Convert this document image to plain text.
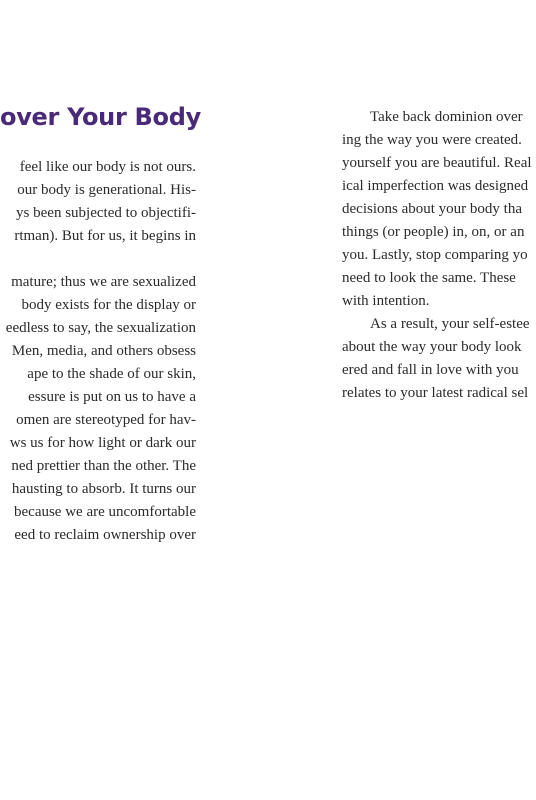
over Your Body
feel like our body is not ours.
our body is generational. His-
ys been subjected to objectifi-
rtman). But for us, it begins in
mature; thus we are sexualized
body exists for the display or
eedless to say, the sexualization
Men, media, and others obsess
ape to the shade of our skin,
essure is put on us to have a
omen are stereotyped for hav-
ws us for how light or dark our
ned prettier than the other. The
hausting to absorb. It turns our
because we are uncomfortable
eed to reclaim ownership over
Take back dominion over
ing the way you were created.
yourself you are beautiful. Real
ical imperfection was designed
decisions about your body tha
things (or people) in, on, or an
you. Lastly, stop comparing yo
need to look the same. These
with intention.
As a result, your self-estee
about the way your body look
ered and fall in love with you
relates to your latest radical sel
